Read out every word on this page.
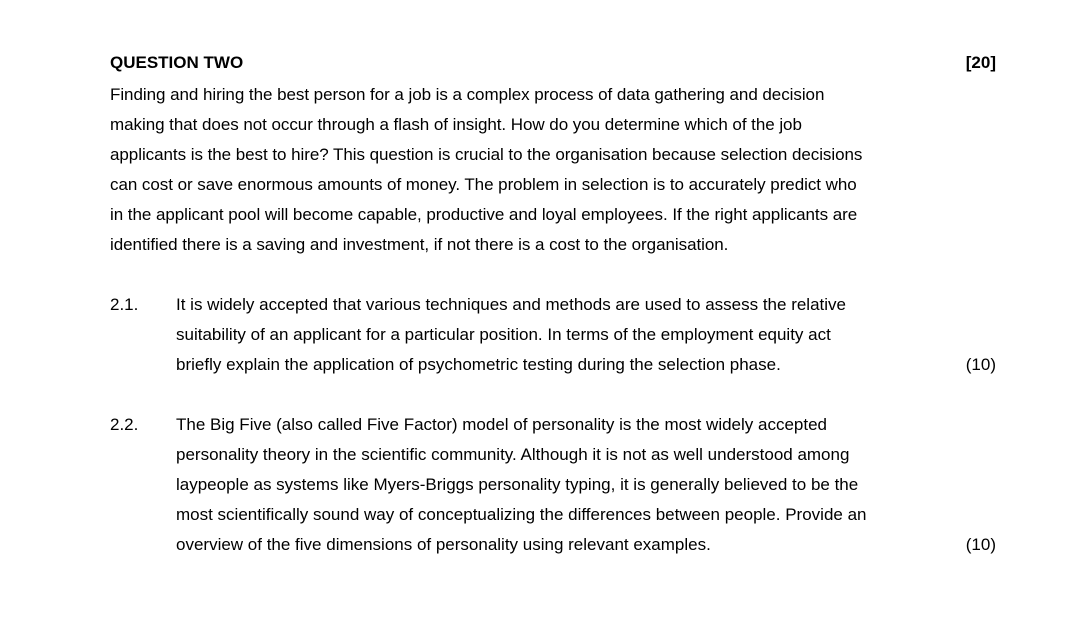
QUESTION TWO	[20]
Finding and hiring the best person for a job is a complex process of data gathering and decision
making that does not occur through a flash of insight. How do you determine which of the job
applicants is the best to hire? This question is crucial to the organisation because selection decisions
can cost or save enormous amounts of money. The problem in selection is to accurately predict who
in the applicant pool will become capable, productive and loyal employees. If the right applicants are
identified there is a saving and investment, if not there is a cost to the organisation.
2.1. It is widely accepted that various techniques and methods are used to assess the relative
suitability of an applicant for a particular position. In terms of the employment equity act
briefly explain the application of psychometric testing during the selection phase.	(10)
2.2. The Big Five (also called Five Factor) model of personality is the most widely accepted
personality theory in the scientific community. Although it is not as well understood among
laypeople as systems like Myers-Briggs personality typing, it is generally believed to be the
most scientifically sound way of conceptualizing the differences between people. Provide an
overview of the five dimensions of personality using relevant examples.	(10)
